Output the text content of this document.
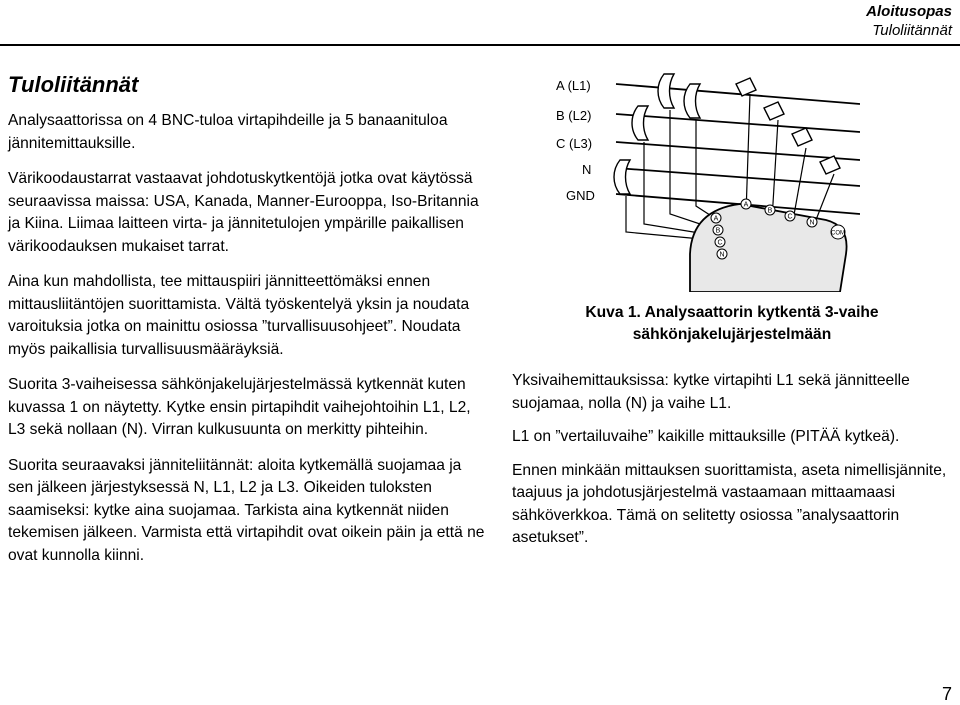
Aloitusopas
Tuloliitännät
Tuloliitännät

Analysaattorissa on 4 BNC-tuloa virtapihdeille ja 5 banaanituloa jännitemittauksille.

Värikoodaustarrat vastaavat johdotuskytkentöjä jotka ovat käytössä seuraavissa maissa: USA, Kanada, Manner-Eurooppa, Iso-Britannia ja Kiina. Liimaa laitteen virta- ja jännitetulojen ympärille paikallisen värikoodauksen mukaiset tarrat.

Aina kun mahdollista, tee mittauspiiri jännitteettömäksi ennen mittausliitäntöjen suorittamista. Vältä työskentelyä yksin ja noudata varoituksia jotka on mainittu osiossa ”turvallisuusohjeet”. Noudata myös paikallisia turvallisuusmääräyksiä.

Suorita 3-vaiheisessa sähkönjakelujärjestelmässä kytkennät kuten kuvassa 1 on näytetty. Kytke ensin pirtapihdit vaihejohtoihin L1, L2, L3 sekä nollaan (N). Virran kulkusuunta on merkitty pihteihin.

Suorita seuraavaksi jänniteliitännät: aloita kytkemällä suojamaa ja sen jälkeen järjestyksessä N, L1, L2 ja L3. Oikeiden tuloksten saamiseksi: kytke aina suojamaa. Tarkista aina kytkennät niiden tekemisen jälkeen. Varmista että virtapihdit ovat oikein päin ja että ne ovat kunnolla kiinni.

A (L1)
B (L2)
C (L3)
N
GND
A
B
C
N
A
B
C
N
COM
Kuva 1. Analysaattorin kytkentä 3-vaihe sähkönjakelujärjestelmään

Yksivaihemittauksissa: kytke virtapihti L1 sekä jännitteelle suojamaa, nolla (N) ja vaihe L1.

L1 on ”vertailuvaihe” kaikille mittauksille (PITÄÄ kytkeä).

Ennen minkään mittauksen suorittamista, aseta nimellisjännite, taajuus ja johdotusjärjestelmä vastaamaan mittaamaasi sähköverkkoa. Tämä on selitetty osiossa ”analysaattorin asetukset”.

7
